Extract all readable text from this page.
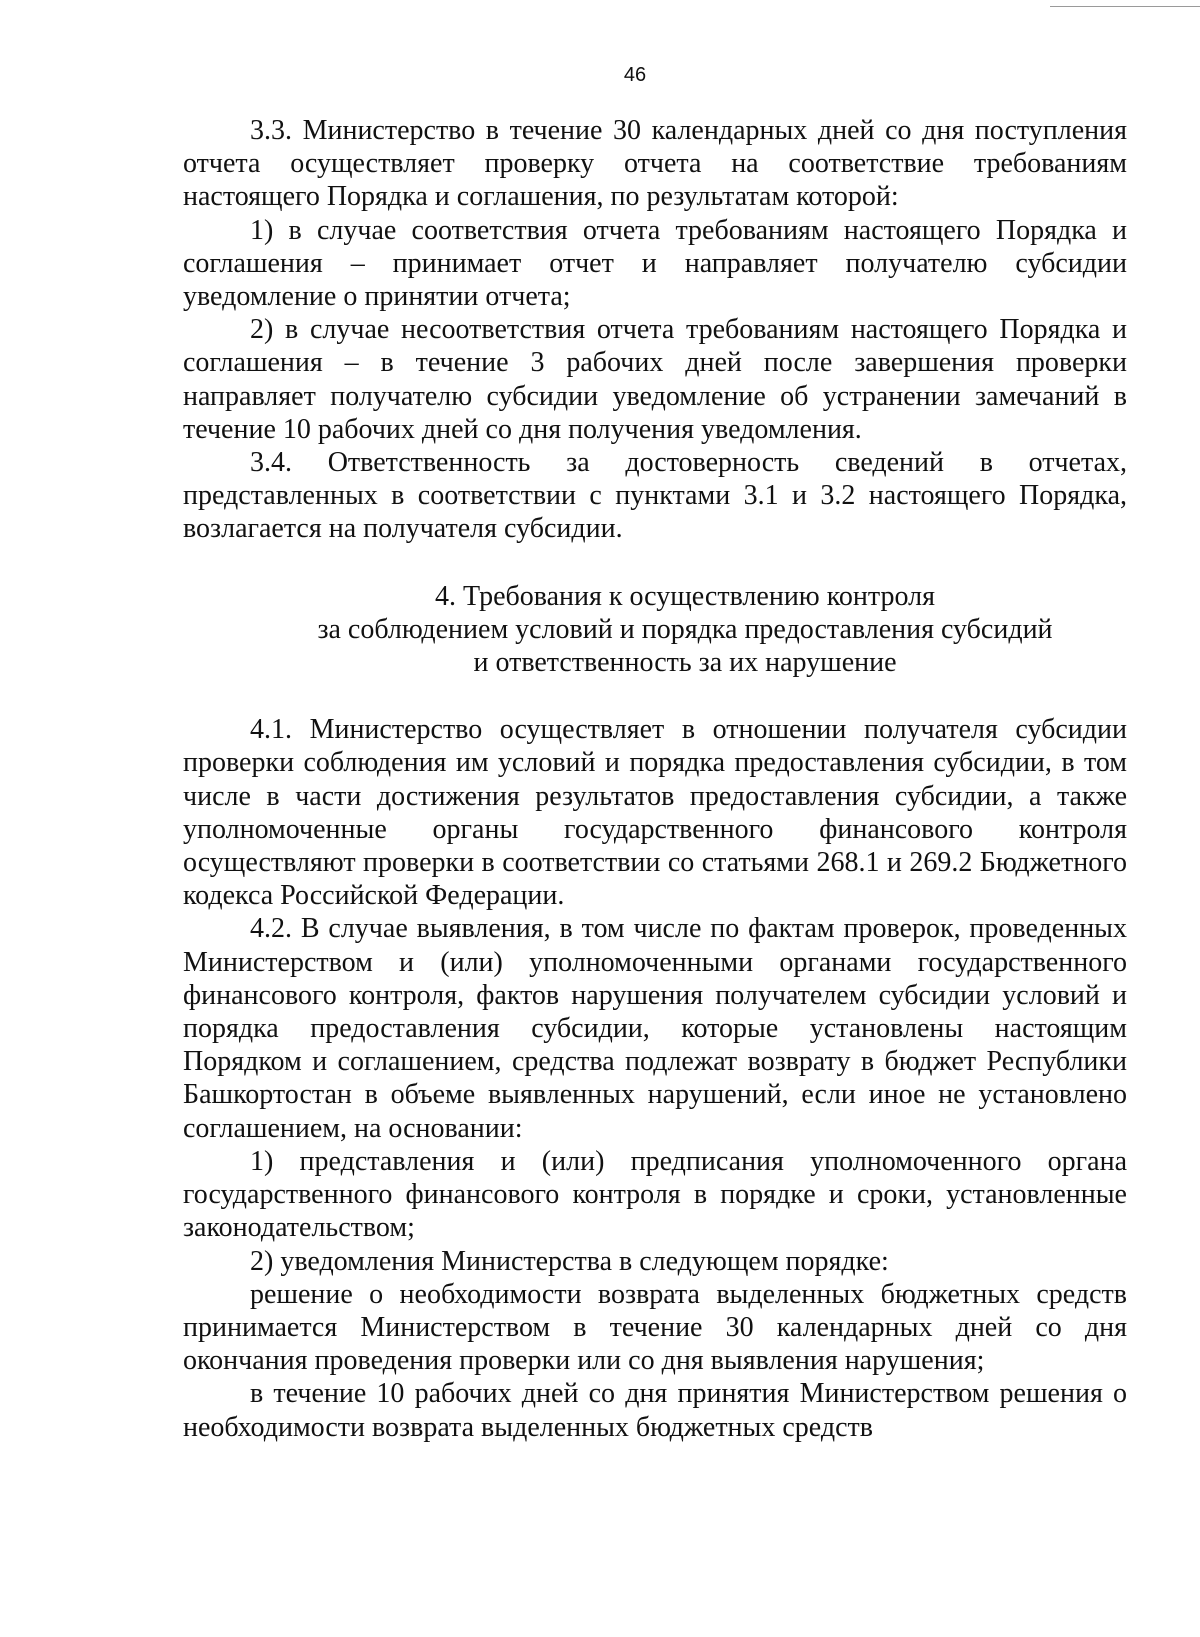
46

3.3. Министерство в течение 30 календарных дней со дня поступления отчета осуществляет проверку отчета на соответствие требованиям настоящего Порядка и соглашения, по результатам которой:

1) в случае соответствия отчета требованиям настоящего Порядка и соглашения – принимает отчет и направляет получателю субсидии уведомление о принятии отчета;

2) в случае несоответствия отчета требованиям настоящего Порядка и соглашения – в течение 3 рабочих дней после завершения проверки направляет получателю субсидии уведомление об устранении замечаний в течение 10 рабочих дней со дня получения уведомления.

3.4. Ответственность за достоверность сведений в отчетах, представленных в соответствии с пунктами 3.1 и 3.2 настоящего Порядка, возлагается на получателя субсидии.

4. Требования к осуществлению контроля
за соблюдением условий и порядка предоставления субсидий
и ответственность за их нарушение

4.1. Министерство осуществляет в отношении получателя субсидии проверки соблюдения им условий и порядка предоставления субсидии, в том числе в части достижения результатов предоставления субсидии, а также уполномоченные органы государственного финансового контроля осуществляют проверки в соответствии со статьями 268.1 и 269.2 Бюджетного кодекса Российской Федерации.

4.2. В случае выявления, в том числе по фактам проверок, проведенных Министерством и (или) уполномоченными органами государственного финансового контроля, фактов нарушения получателем субсидии условий и порядка предоставления субсидии, которые установлены настоящим Порядком и соглашением, средства подлежат возврату в бюджет Республики Башкортостан в объеме выявленных нарушений, если иное не установлено соглашением, на основании:

1) представления и (или) предписания уполномоченного органа государственного финансового контроля в порядке и сроки, установленные законодательством;

2) уведомления Министерства в следующем порядке:

решение о необходимости возврата выделенных бюджетных средств принимается Министерством в течение 30 календарных дней со дня окончания проведения проверки или со дня выявления нарушения;

в течение 10 рабочих дней со дня принятия Министерством решения о необходимости возврата выделенных бюджетных средств
